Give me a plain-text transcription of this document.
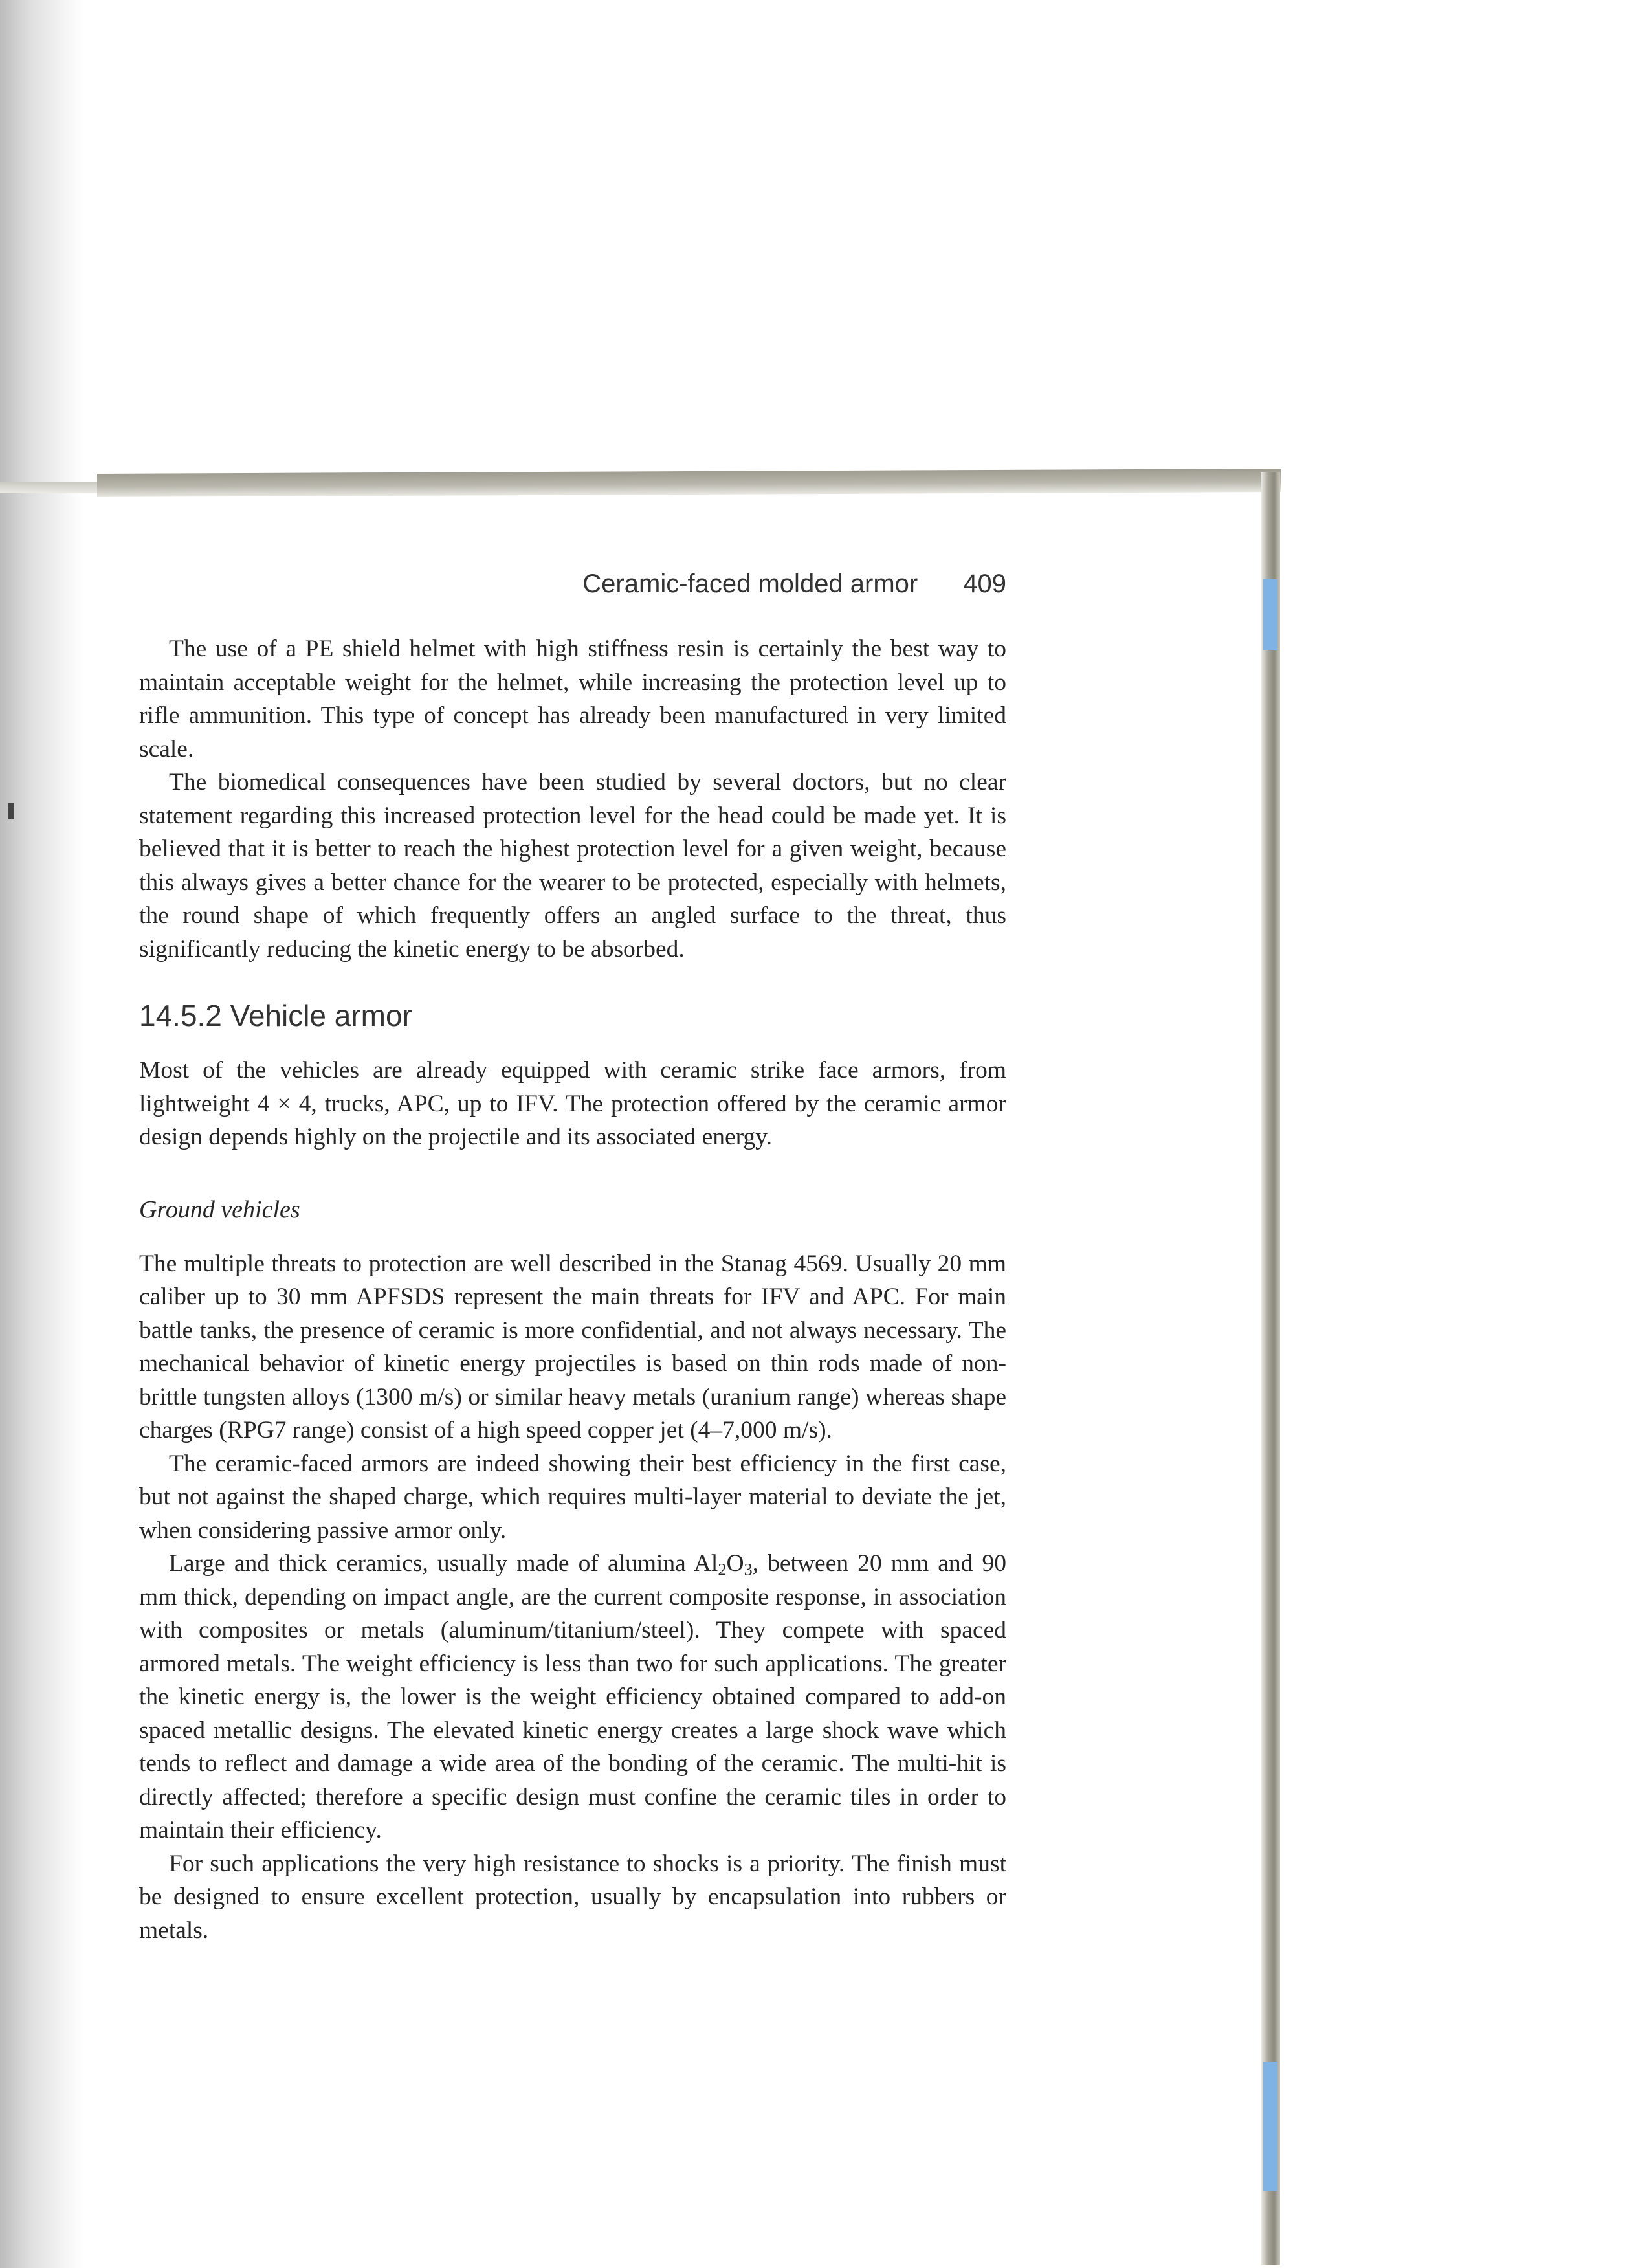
Ceramic-faced molded armor 409

The use of a PE shield helmet with high stiffness resin is certainly the best way to maintain acceptable weight for the helmet, while increasing the protection level up to rifle ammunition. This type of concept has already been manufactured in very limited scale.

The biomedical consequences have been studied by several doctors, but no clear statement regarding this increased protection level for the head could be made yet. It is believed that it is better to reach the highest protection level for a given weight, because this always gives a better chance for the wearer to be protected, especially with helmets, the round shape of which frequently offers an angled surface to the threat, thus significantly reducing the kinetic energy to be absorbed.

14.5.2 Vehicle armor

Most of the vehicles are already equipped with ceramic strike face armors, from lightweight 4 × 4, trucks, APC, up to IFV. The protection offered by the ceramic armor design depends highly on the projectile and its associated energy.

Ground vehicles

The multiple threats to protection are well described in the Stanag 4569. Usually 20 mm caliber up to 30 mm APFSDS represent the main threats for IFV and APC. For main battle tanks, the presence of ceramic is more confidential, and not always necessary. The mechanical behavior of kinetic energy projectiles is based on thin rods made of non-brittle tungsten alloys (1300 m/s) or similar heavy metals (uranium range) whereas shape charges (RPG7 range) consist of a high speed copper jet (4–7,000 m/s).

The ceramic-faced armors are indeed showing their best efficiency in the first case, but not against the shaped charge, which requires multi-layer material to deviate the jet, when considering passive armor only.

Large and thick ceramics, usually made of alumina $Al_2O_3$, between 20 mm and 90 mm thick, depending on impact angle, are the current composite response, in association with composites or metals (aluminum/titanium/steel). They compete with spaced armored metals. The weight efficiency is less than two for such applications. The greater the kinetic energy is, the lower is the weight efficiency obtained compared to add-on spaced metallic designs. The elevated kinetic energy creates a large shock wave which tends to reflect and damage a wide area of the bonding of the ceramic. The multi-hit is directly affected; therefore a specific design must confine the ceramic tiles in order to maintain their efficiency.

For such applications the very high resistance to shocks is a priority. The finish must be designed to ensure excellent protection, usually by encapsulation into rubbers or metals.
